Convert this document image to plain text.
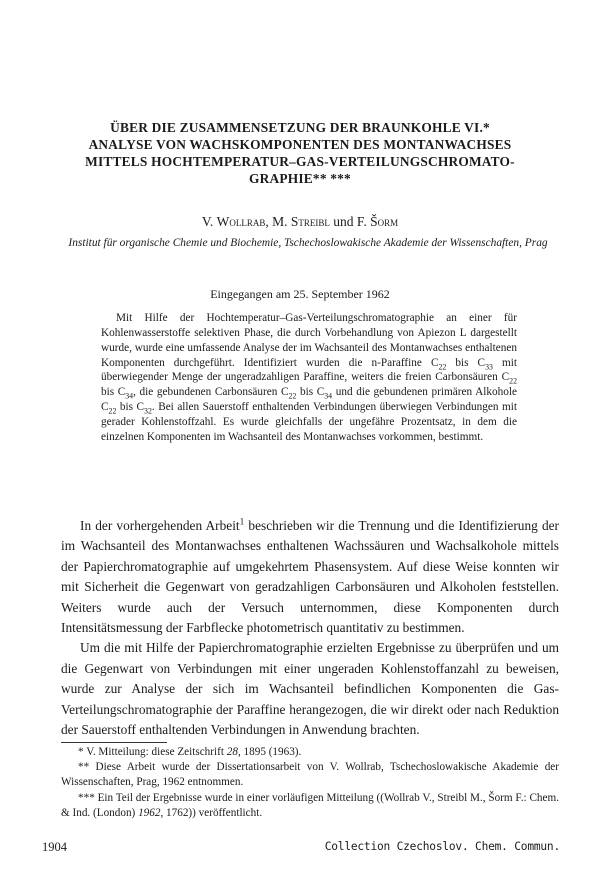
ÜBER DIE ZUSAMMENSETZUNG DER BRAUNKOHLE VI.*
ANALYSE VON WACHSKOMPONENTEN DES MONTANWACHSES
MITTELS HOCHTEMPERATUR–GAS-VERTEILUNGSCHROMATO-
GRAPHIE** ***
V. Wollrab, M. Streibl und F. Šorm
Institut für organische Chemie und Biochemie, Tschechoslowakische Akademie der Wissenschaften, Prag
Eingegangen am 25. September 1962
Mit Hilfe der Hochtemperatur–Gas-Verteilungschromatographie an einer für Kohlenwasserstoffe selektiven Phase, die durch Vorbehandlung von Apiezon L dargestellt wurde, wurde eine umfassende Analyse der im Wachsanteil des Montanwachses enthaltenen Komponenten durchgeführt. Identifiziert wurden die n-Paraffine $C_{22}$ bis $C_{33}$ mit überwiegender Menge der ungeradzahligen Paraffine, weiters die freien Carbonsäuren $C_{22}$ bis $C_{34}$, die gebundenen Carbonsäuren $C_{22}$ bis $C_{34}$ und die gebundenen primären Alkohole $C_{22}$ bis $C_{32}$. Bei allen Sauerstoff enthaltenden Verbindungen überwiegen Verbindungen mit gerader Kohlenstoffzahl. Es wurde gleichfalls der ungefähre Prozentsatz, in dem die einzelnen Komponenten im Wachsanteil des Montanwachses vorkommen, bestimmt.

In der vorhergehenden Arbeit$^1$ beschrieben wir die Trennung und die Identifizierung der im Wachsanteil des Montanwachses enthaltenen Wachssäuren und Wachsalkohole mittels der Papierchromatographie auf umgekehrtem Phasensystem. Auf diese Weise konnten wir mit Sicherheit die Gegenwart von geradzahligen Carbonsäuren und Alkoholen feststellen. Weiters wurde auch der Versuch unternommen, diese Komponenten durch Intensitätsmessung der Farbflecke photometrisch quantitativ zu bestimmen.

Um die mit Hilfe der Papierchromatographie erzielten Ergebnisse zu überprüfen und um die Gegenwart von Verbindungen mit einer ungeraden Kohlenstoffanzahl zu beweisen, wurde zur Analyse der sich im Wachsanteil befindlichen Komponenten die Gas-Verteilungschromatographie der Paraffine herangezogen, die wir direkt oder nach Reduktion der Sauerstoff enthaltenden Verbindungen in Anwendung brachten.

* V. Mitteilung: diese Zeitschrift 28, 1895 (1963).

** Diese Arbeit wurde der Dissertationsarbeit von V. Wollrab, Tschechoslowakische Akademie der Wissenschaften, Prag, 1962 entnommen.

*** Ein Teil der Ergebnisse wurde in einer vorläufigen Mitteilung ((Wollrab V., Streibl M., Šorm F.: Chem. & Ind. (London) 1962, 1762)) veröffentlicht.

1904	Collection Czechoslov. Chem. Commun.
